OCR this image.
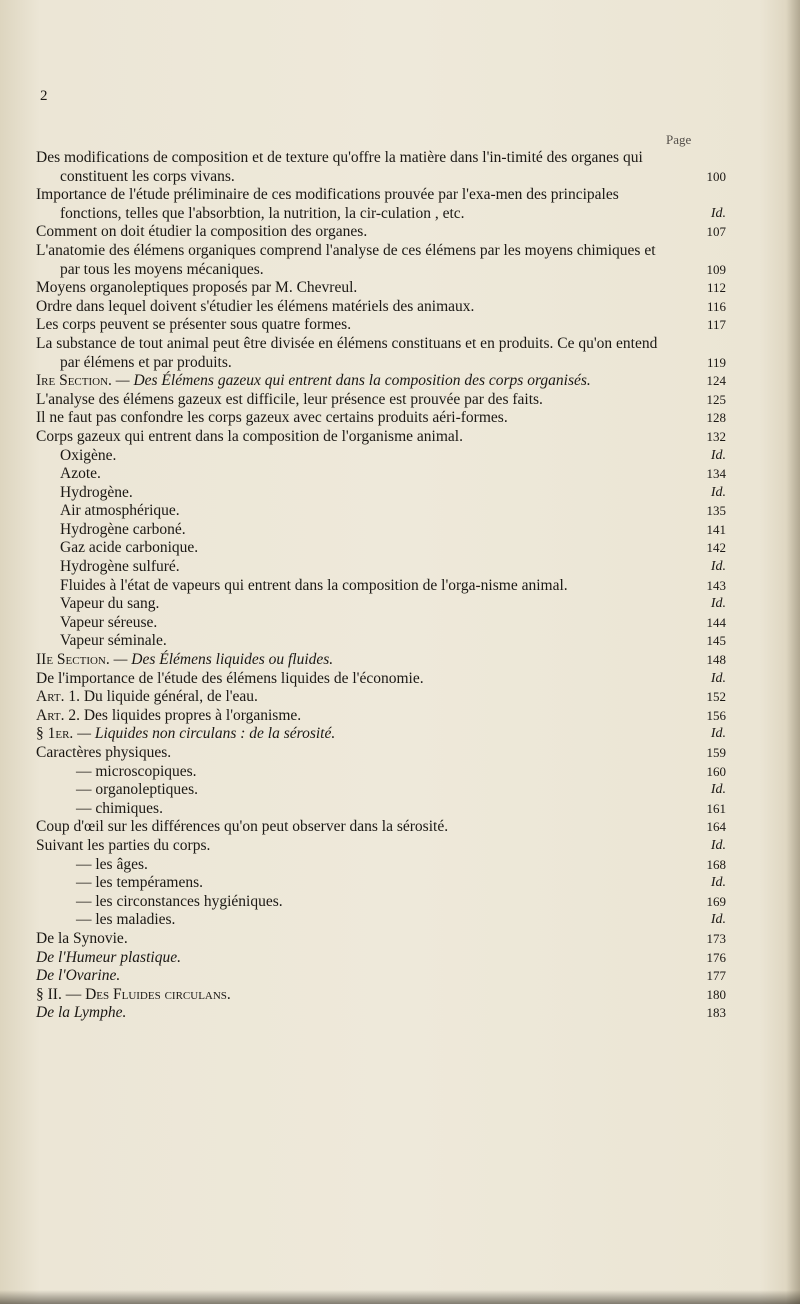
2
Page
Des modifications de composition et de texture qu'offre la matière dans l'in-timité des organes qui constituent les corps vivans.	100
Importance de l'étude préliminaire de ces modifications prouvée par l'exa-men des principales fonctions, telles que l'absorbtion, la nutrition, la cir-culation , etc.	Id.
Comment on doit étudier la composition des organes.	107
L'anatomie des élémens organiques comprend l'analyse de ces élémens par les moyens chimiques et par tous les moyens mécaniques.	109
Moyens organoleptiques proposés par M. Chevreul.	112
Ordre dans lequel doivent s'étudier les élémens matériels des animaux.	116
Les corps peuvent se présenter sous quatre formes.	117
La substance de tout animal peut être divisée en élémens constituans et en produits. Ce qu'on entend par élémens et par produits.	119
Ire Section. — Des Élémens gazeux qui entrent dans la composition des corps organisés.	124
L'analyse des élémens gazeux est difficile, leur présence est prouvée par des faits.	125
Il ne faut pas confondre les corps gazeux avec certains produits aéri-formes.	128
Corps gazeux qui entrent dans la composition de l'organisme animal.	132
Oxigène.	Id.
Azote.	134
Hydrogène.	Id.
Air atmosphérique.	135
Hydrogène carboné.	141
Gaz acide carbonique.	142
Hydrogène sulfuré.	Id.
Fluides à l'état de vapeurs qui entrent dans la composition de l'orga-nisme animal.	143
Vapeur du sang.	Id.
Vapeur séreuse.	144
Vapeur séminale.	145
IIe Section. — Des Élémens liquides ou fluides.	148
De l'importance de l'étude des élémens liquides de l'économie.	Id.
Art. 1. Du liquide général, de l'eau.	152
Art. 2. Des liquides propres à l'organisme.	156
§ 1er. — Liquides non circulans : de la sérosité.	Id.
Caractères physiques.	159
— microscopiques.	160
— organoleptiques.	Id.
— chimiques.	161
Coup d'œil sur les différences qu'on peut observer dans la sérosité.	164
Suivant les parties du corps.	Id.
— les âges.	168
— les tempéramens.	Id.
— les circonstances hygiéniques.	169
— les maladies.	Id.
De la Synovie.	173
De l'Humeur plastique.	176
De l'Ovarine.	177
§ II. — Des Fluides circulans.	180
De la Lymphe.	183
